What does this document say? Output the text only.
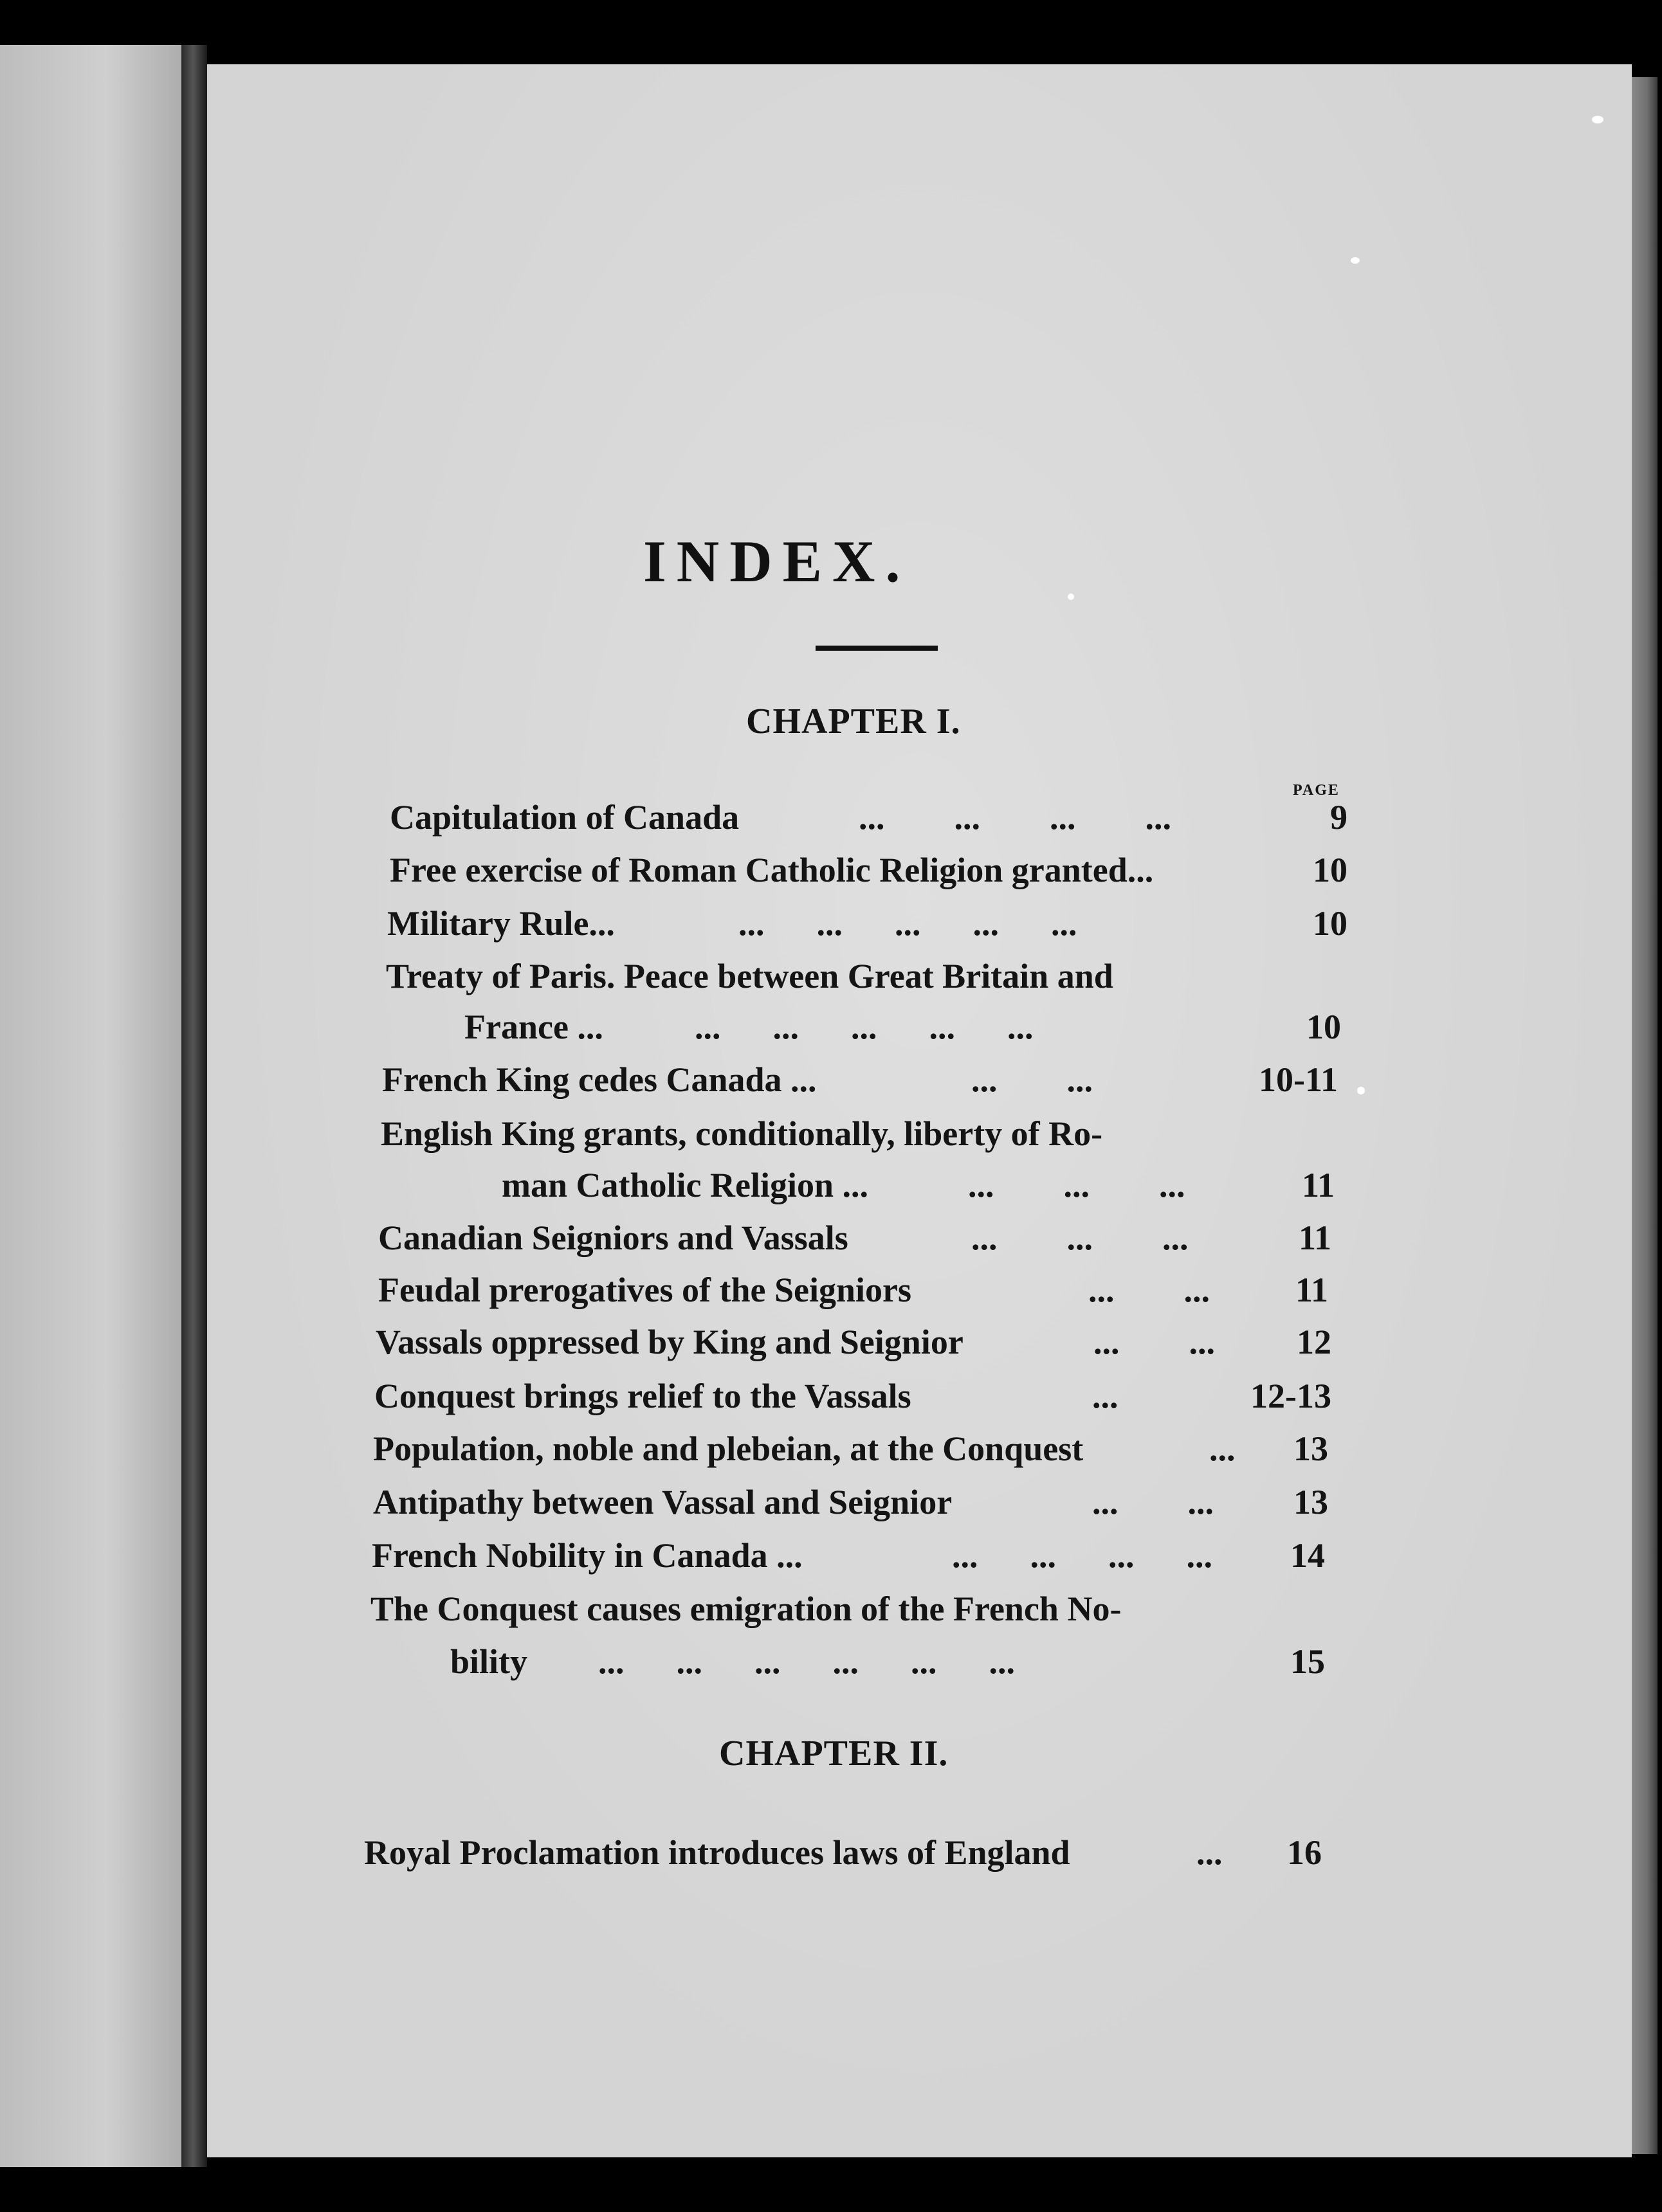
INDEX.
CHAPTER I.
PAGE
Capitulation of Canada	...        ...        ...        ...	9
Free exercise of Roman Catholic Religion granted...	10
Military Rule...	...      ...      ...      ...      ...	10
Treaty of Paris. Peace between Great Britain and
France ...	...      ...      ...      ...      ...	10
French King cedes Canada ...	...        ...	10-11
English King grants, conditionally, liberty of Ro-
man Catholic Religion ...	...        ...        ...	11
Canadian Seigniors and Vassals	...        ...        ...	11
Feudal prerogatives of the Seigniors	...        ...	11
Vassals oppressed by King and Seignior	...        ...	12
Conquest brings relief to the Vassals	...	12-13
Population, noble and plebeian, at the Conquest	...	13
Antipathy between Vassal and Seignior	...        ...	13
French Nobility in Canada ...	...      ...      ...      ...	14
The Conquest causes emigration of the French No-
bility ...      ...      ...      ...      ...      ...	15
Royal Proclamation introduces laws of England	...	16
CHAPTER II.
